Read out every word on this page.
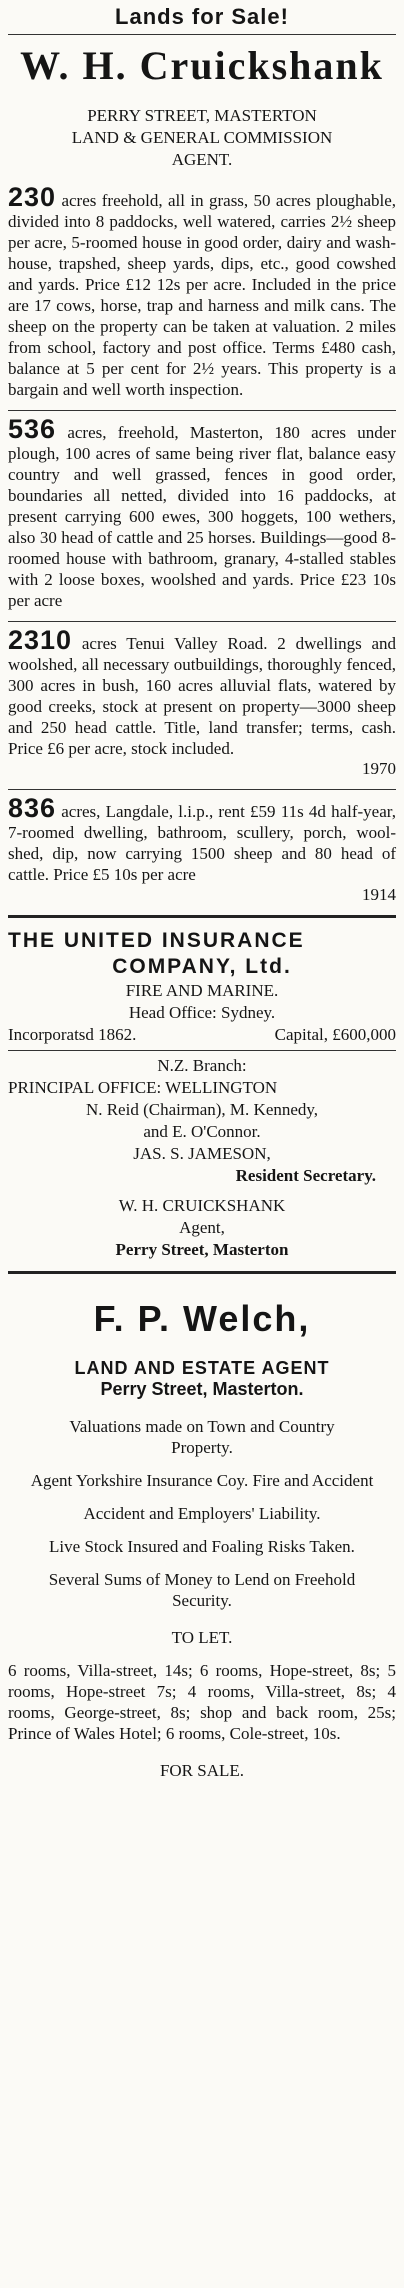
Lands for Sale!
W. H. Cruickshank
PERRY STREET, MASTERTON
LAND & GENERAL COMMISSION
AGENT.

230 acres freehold, all in grass, 50 acres ploughable, divided into 8 paddocks, well watered, carries 2½ sheep per acre, 5-roomed house in good order, dairy and wash-house, trapshed, sheep yards, dips, etc., good cowshed and yards. Price £12 12s per acre. Included in the price are 17 cows, horse, trap and harness and milk cans. The sheep on the property can be taken at valuation. 2 miles from school, factory and post office. Terms £480 cash, balance at 5 per cent for 2½ years. This property is a bargain and well worth inspection.

536 acres, freehold, Masterton, 180 acres under plough, 100 acres of same being river flat, balance easy country and well grassed, fences in good order, boundaries all netted, divided into 16 paddocks, at present carrying 600 ewes, 300 hoggets, 100 wethers, also 30 head of cattle and 25 horses. Buildings—good 8-roomed house with bathroom, granary, 4-stalled stables with 2 loose boxes, woolshed and yards. Price £23 10s per acre

2310 acres Tenui Valley Road. 2 dwellings and woolshed, all necessary outbuildings, thoroughly fenced, 300 acres in bush, 160 acres alluvial flats, watered by good creeks, stock at present on property—3000 sheep and 250 head cattle. Title, land transfer; terms, cash. Price £6 per acre, stock included.

1970

836 acres, Langdale, l.i.p., rent £59 11s 4d half-year, 7-roomed dwelling, bathroom, scullery, porch, wool-shed, dip, now carrying 1500 sheep and 80 head of cattle. Price £5 10s per acre

1914
THE UNITED INSURANCE
COMPANY, Ltd.
FIRE AND MARINE.
Head Office: Sydney.
Incorporatsd 1862.	Capital, £600,000
N.Z. Branch:
PRINCIPAL OFFICE: WELLINGTON
N. Reid (Chairman), M. Kennedy,
and E. O'Connor.
JAS. S. JAMESON,
Resident Secretary.
W. H. CRUICKSHANK
Agent,
Perry Street, Masterton
F. P. Welch,
LAND AND ESTATE AGENT
Perry Street, Masterton.
Valuations made on Town and Country Property.
Agent Yorkshire Insurance Coy. Fire and Accident
Accident and Employers' Liability.
Live Stock Insured and Foaling Risks Taken.
Several Sums of Money to Lend on Freehold Security.
TO LET.

6 rooms, Villa-street, 14s; 6 rooms, Hope-street, 8s; 5 rooms, Hope-street 7s; 4 rooms, Villa-street, 8s; 4 rooms, George-street, 8s; shop and back room, 25s; Prince of Wales Hotel; 6 rooms, Cole-street, 10s.

FOR SALE.
